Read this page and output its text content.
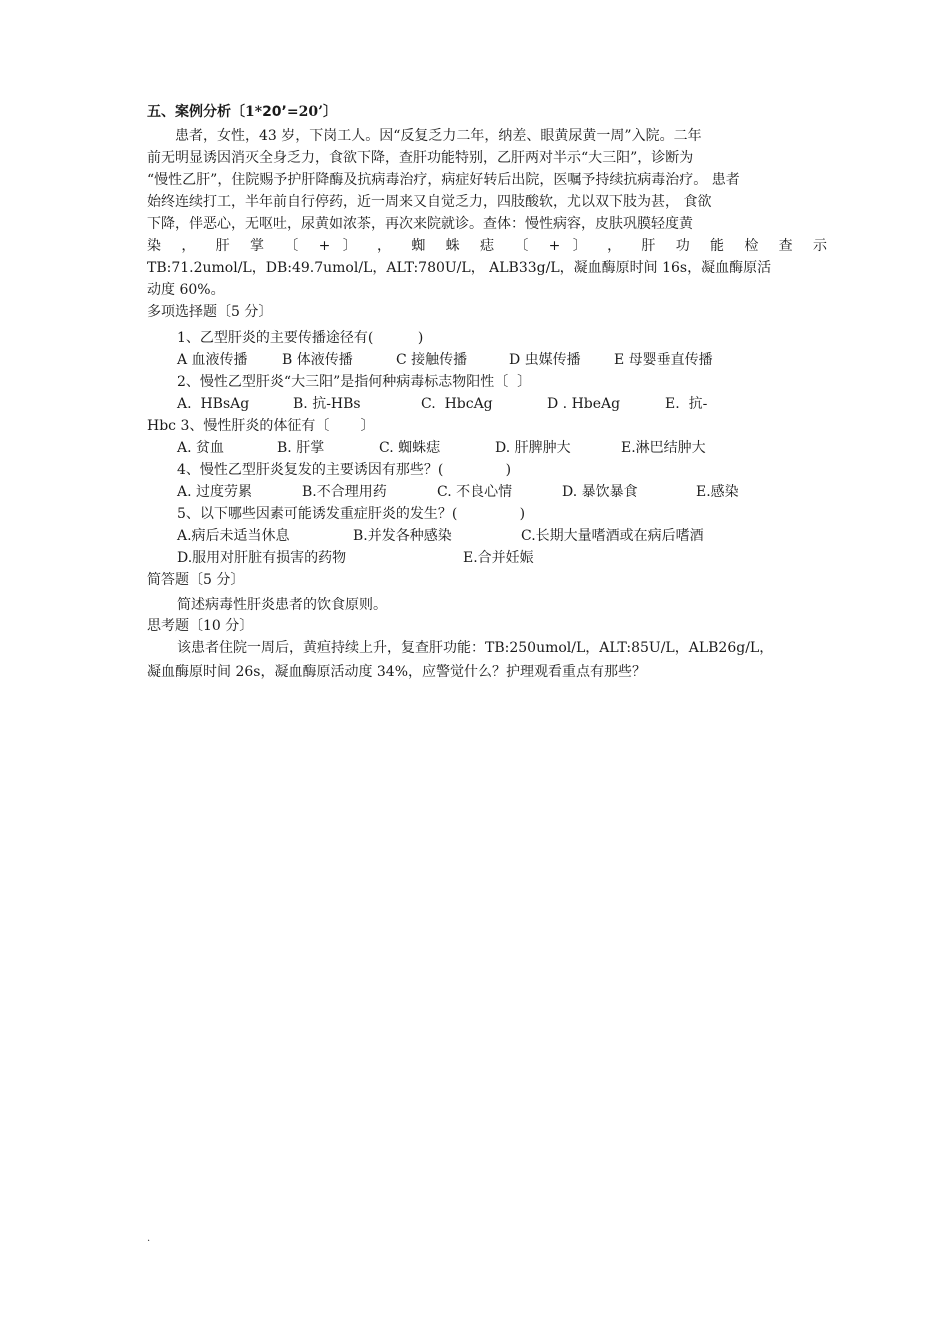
五、案例分析〔1*20’=20’〕

　　患者，女性，43 岁，下岗工人。因“反复乏力二年，纳差、眼黄尿黄一周”入院。二年

前无明显诱因消灭全身乏力，食欲下降，查肝功能特别，乙肝两对半示“大三阳”，诊断为

“慢性乙肝”，住院赐予护肝降酶及抗病毒治疗，病症好转后出院，医嘱予持续抗病毒治疗。 患者

始终连续打工，半年前自行停药，近一周来又自觉乏力，四肢酸软，尤以双下肢为甚， 食欲

下降，伴恶心，无呕吐，尿黄如浓茶，再次来院就诊。查体：慢性病容，皮肤巩膜轻度黄

染 ， 肝 掌 〔 + 〕 ， 蜘 蛛 痣 〔 + 〕 ， 肝 功 能 检 查 示

TB:71.2umol/L，DB:49.7umol/L，ALT:780U/L， ALB33g/L，凝血酶原时间 16s，凝血酶原活

动度 60%。

多项选择题〔5 分〕

1、乙型肝炎的主要传播途径有(          )

A 血液传播 B 体液传播	C 接触传播	D 虫媒传播 E 母婴垂直传播

2、慢性乙型肝炎“大三阳”是指何种病毒标志物阳性〔  〕

A.  HBsAg	B. 抗-HBs	C.  HbcAg	D . HbeAg	E.  抗-

Hbc 3、慢性肝炎的体征有〔       〕

A. 贫血	B. 肝掌	C. 蜘蛛痣	D. 肝脾肿大	E.淋巴结肿大

4、慢性乙型肝炎复发的主要诱因有那些？(              )

A. 过度劳累	B.不合理用药	C. 不良心情	D. 暴饮暴食	E.感染

5、以下哪些因素可能诱发重症肝炎的发生？(              )

A.病后未适当休息	B.并发各种感染	C.长期大量嗜酒或在病后嗜酒

D.服用对肝脏有损害的药物	E.合并妊娠

简答题〔5 分〕

简述病毒性肝炎患者的饮食原则。

思考题〔10 分〕

该患者住院一周后，黄疸持续上升，复查肝功能：TB:250umol/L，ALT:85U/L，ALB26g/L，

凝血酶原时间 26s，凝血酶原活动度 34%，应警觉什么？护理观看重点有那些？

.
